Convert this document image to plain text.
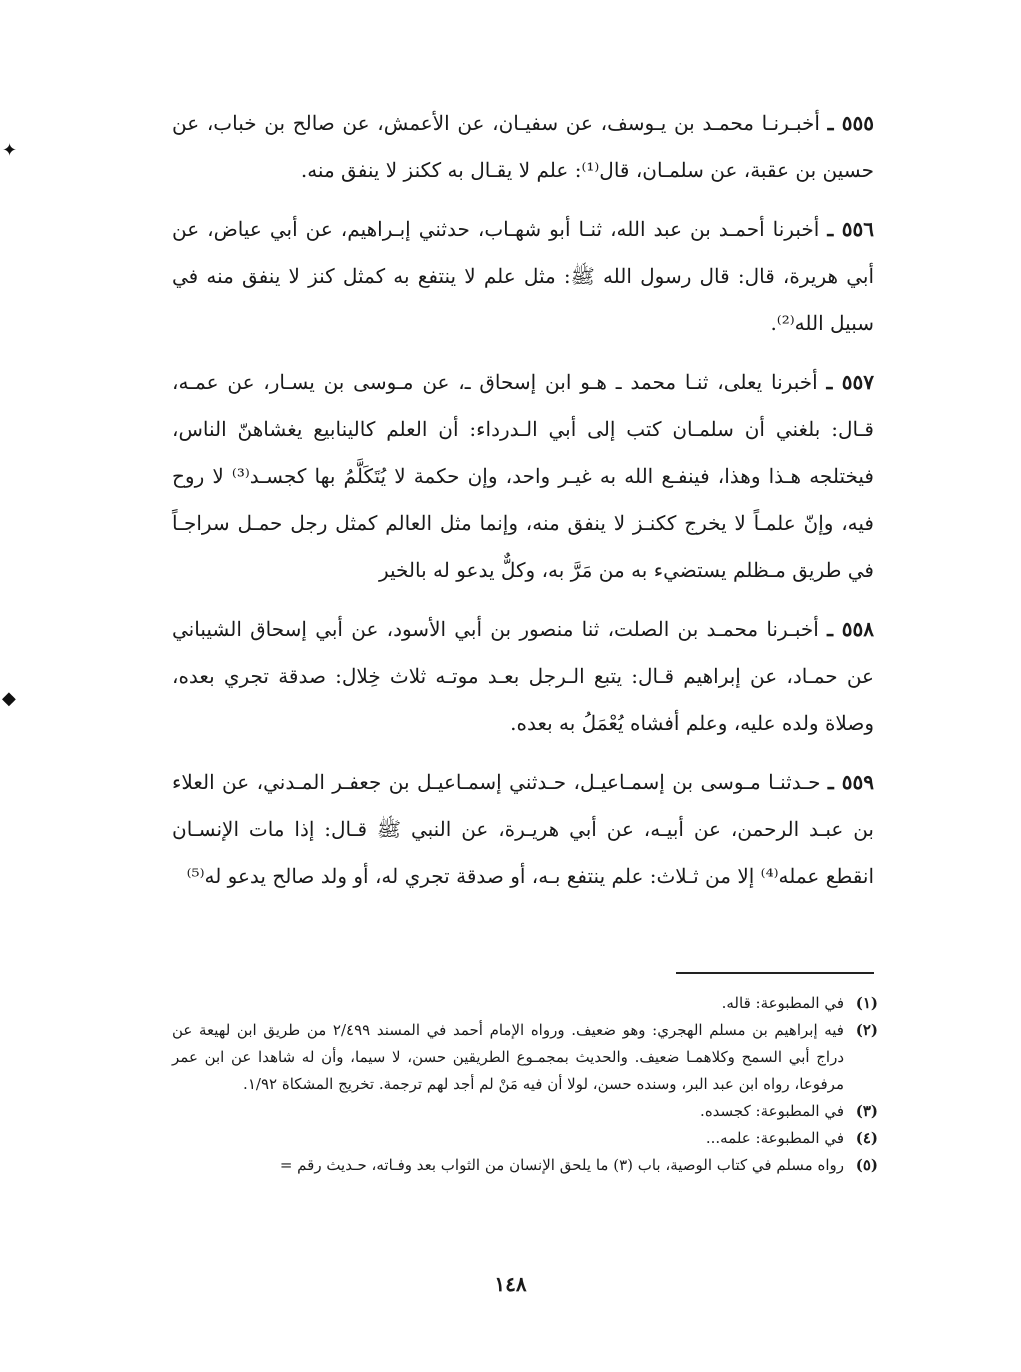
✦
◆

٥٥٥ ـ أخبـرنـا محمـد بن يـوسف، عن سفيـان، عن الأعمش، عن صالح بن خباب، عن حسين بن عقبة، عن سلمـان، قال⁽¹⁾: علم لا يقـال به ككنز لا ينفق منه.

٥٥٦ ـ أخبرنا أحمـد بن عبد الله، ثنـا أبو شهـاب، حدثني إبـراهيم، عن أبي عياض، عن أبي هريرة، قال: قال رسول الله ﷺ: مثل علم لا ينتفع به كمثل كنز لا ينفق منه في سبيل الله⁽²⁾.

٥٥٧ ـ أخبرنا يعلى، ثنـا محمد ـ هـو ابن إسحاق ـ، عن مـوسى بن يسـار، عن عمـه، قـال: بلغني أن سلمـان كتب إلى أبي الـدرداء: أن العلم كالينابيع يغشاهنّ الناس، فيختلجه هـذا وهذا، فينفـع الله به غيـر واحد، وإن حكمة لا يُتَكَلَّمُ بها كجسـد⁽³⁾ لا روح فيه، وإنّ علمـاً لا يخرج ككنـز لا ينفق منه، وإنما مثل العالم كمثل رجل حمـل سراجـاً في طريق مـظلم يستضيء به من مَرَّ به، وكلٌّ يدعو له بالخير

٥٥٨ ـ أخبـرنا محمـد بن الصلت، ثنا منصور بن أبي الأسود، عن أبي إسحاق الشيباني عن حمـاد، عن إبراهيم قـال: يتبع الـرجل بعـد موتـه ثلاث خِلال: صدقة تجري بعده، وصلاة ولده عليه، وعلم أفشاه يُعْمَلُ به بعده.

٥٥٩ ـ حـدثنـا مـوسى بن إسمـاعيـل، حـدثني إسمـاعيـل بن جعفـر المـدني، عن العلاء بن عبـد الرحمن، عن أبيـه، عن أبي هريـرة، عن النبي ﷺ قـال: إذا مات الإنسـان انقطع عمله⁽⁴⁾ إلا من ثـلاث: علم ينتفع بـه، أو صدقة تجري له، أو ولد صالح يدعو له⁽⁵⁾

(١)
في المطبوعة: قاله.
(٢)
فيه إبراهيم بن مسلم الهجري: وهو ضعيف. ورواه الإمام أحمد في المسند ٢/٤٩٩ من طريق ابن لهيعة عن دراج أبي السمح وكلاهمـا ضعيف. والحديث بمجمـوع الطريقين حسن، لا سيما، وأن له شاهدا عن ابن عمر مرفوعا، رواه ابن عبد البر، وسنده حسن، لولا أن فيه مَنْ لم أجد لهم ترجمة. تخريج المشكاة ١/٩٢.
(٣)
في المطبوعة: كجسده.
(٤)
في المطبوعة: علمه...
(٥)
رواه مسلم في كتاب الوصية، باب (٣) ما يلحق الإنسان من الثواب بعد وفـاته، حـديث رقم =
١٤٨
